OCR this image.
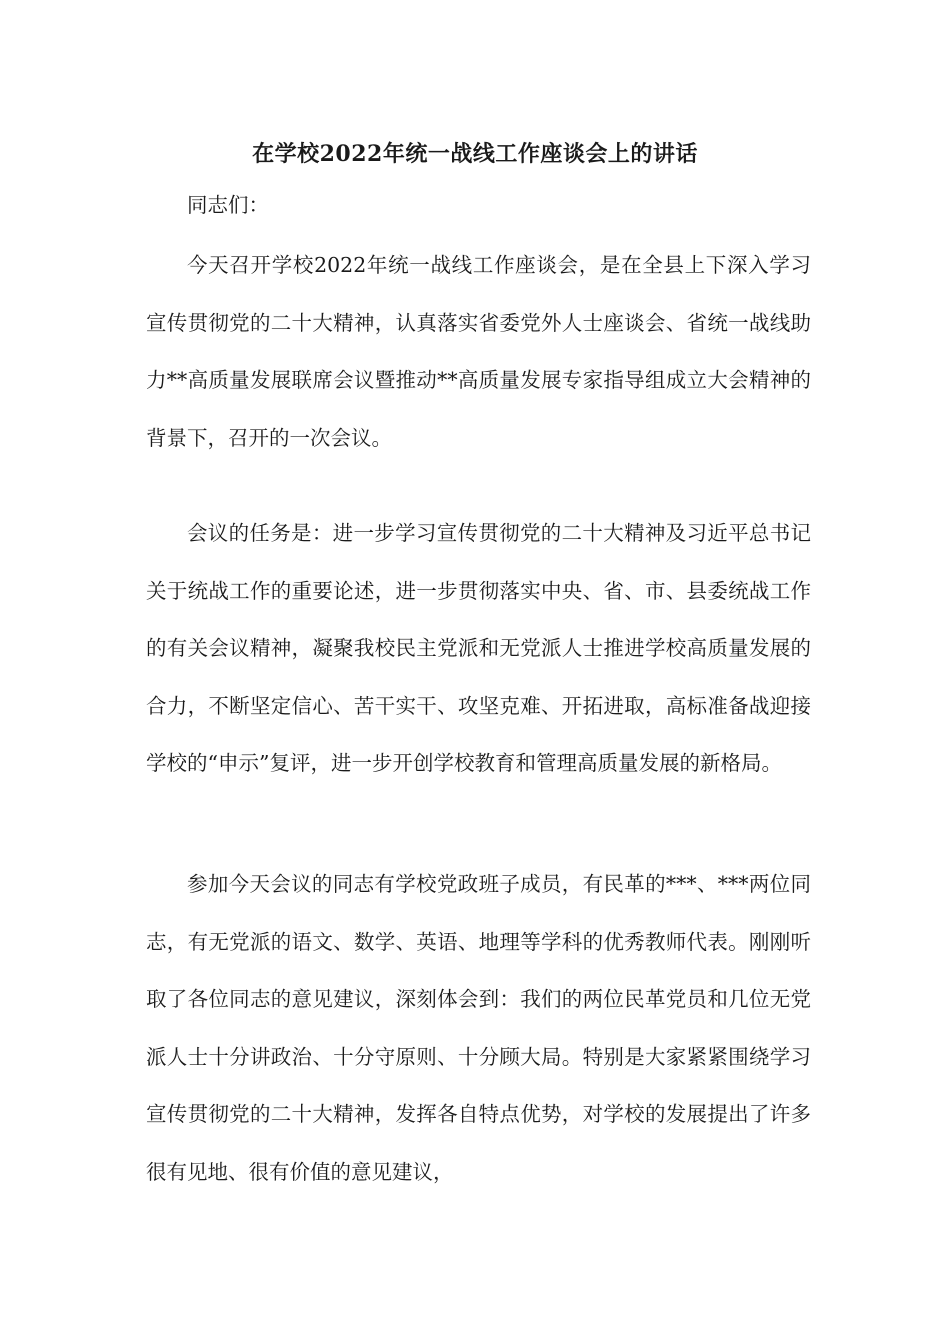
在学校2022年统一战线工作座谈会上的讲话

同志们：

今天召开学校2022年统一战线工作座谈会，是在全县上下深入学习宣传贯彻党的二十大精神，认真落实省委党外人士座谈会、省统一战线助力**高质量发展联席会议暨推动**高质量发展专家指导组成立大会精神的背景下，召开的一次会议。

会议的任务是：进一步学习宣传贯彻党的二十大精神及习近平总书记关于统战工作的重要论述，进一步贯彻落实中央、省、市、县委统战工作的有关会议精神，凝聚我校民主党派和无党派人士推进学校高质量发展的合力，不断坚定信心、苦干实干、攻坚克难、开拓进取，高标准备战迎接学校的“申示”复评，进一步开创学校教育和管理高质量发展的新格局。

参加今天会议的同志有学校党政班子成员，有民革的***、***两位同志，有无党派的语文、数学、英语、地理等学科的优秀教师代表。刚刚听取了各位同志的意见建议，深刻体会到：我们的两位民革党员和几位无党派人士十分讲政治、十分守原则、十分顾大局。特别是大家紧紧围绕学习宣传贯彻党的二十大精神，发挥各自特点优势，对学校的发展提出了许多很有见地、很有价值的意见建议，
